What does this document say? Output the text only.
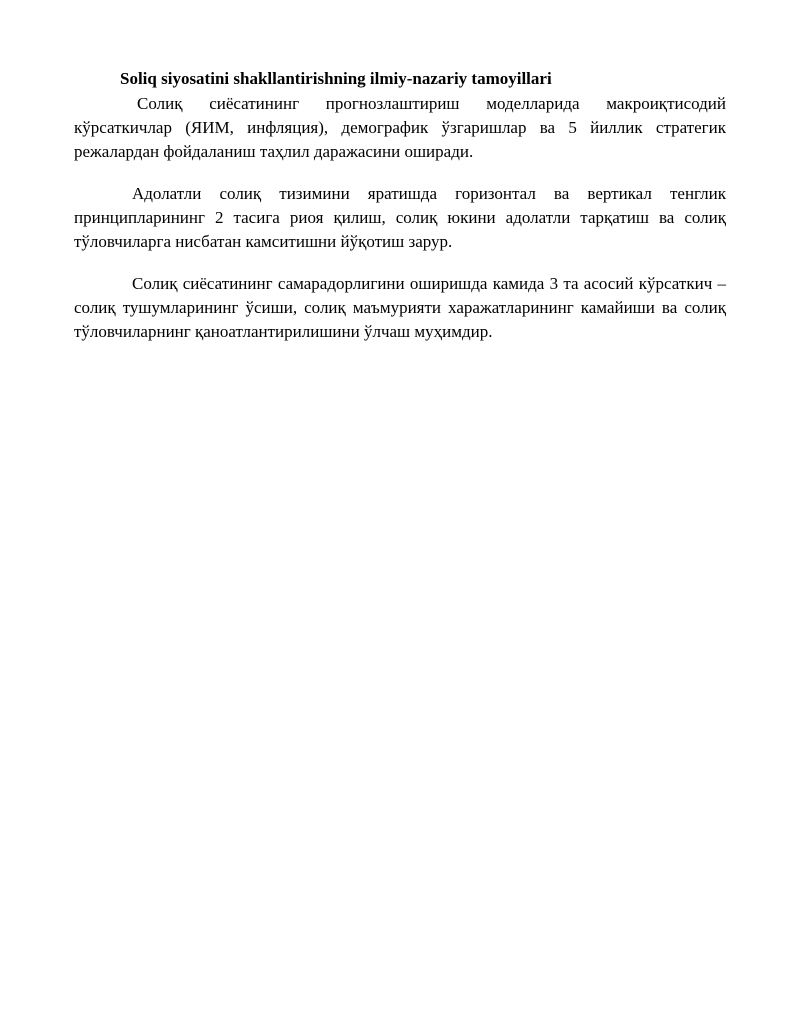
Soliq siyosatini shakllantirishning ilmiy-nazariy tamoyillari

Солиқ сиёсатининг прогнозлаштириш моделларида макроиқтисодий кўрсаткичлар (ЯИМ, инфляция), демографик ўзгаришлар ва 5 йиллик стратегик режалардан фойдаланиш таҳлил даражасини оширади.

Адолатли солиқ тизимини яратишда горизонтал ва вертикал тенглик принципларининг 2 тасига риоя қилиш, солиқ юкини адолатли тарқатиш ва солиқ тўловчиларга нисбатан камситишни йўқотиш зарур.

Солиқ сиёсатининг самарадорлигини оширишда камида 3 та асосий кўрсаткич – солиқ тушумларининг ўсиши, солиқ маъмурияти харажатларининг камайиши ва солиқ тўловчиларнинг қаноатлантирилишини ўлчаш муҳимдир.
